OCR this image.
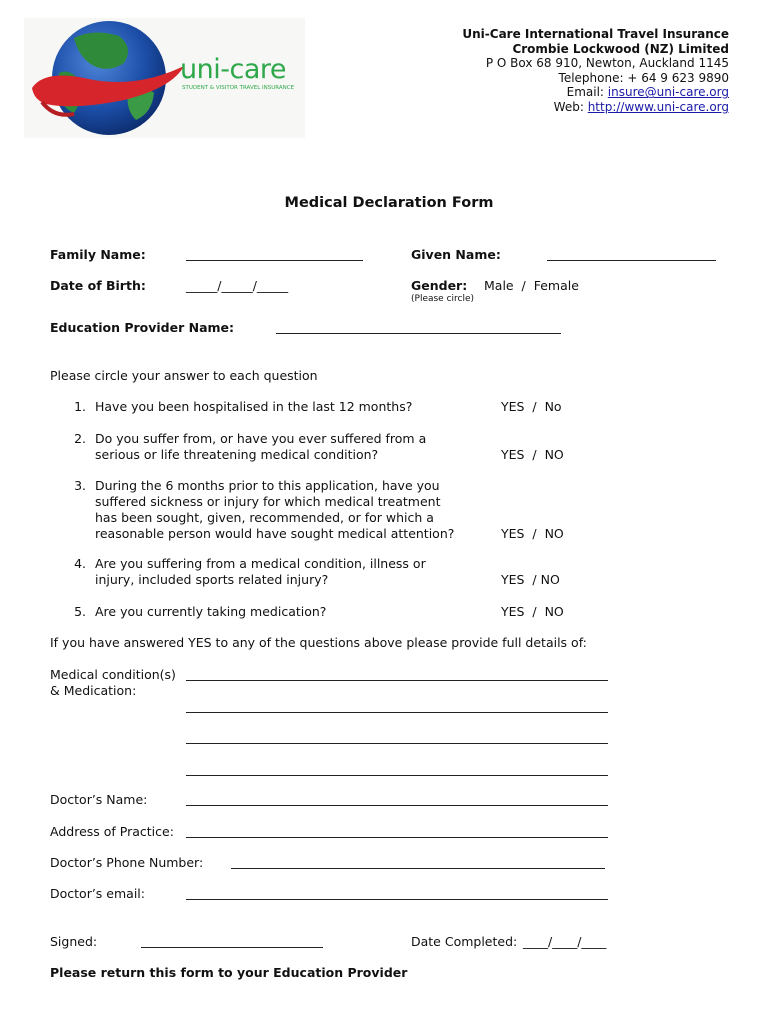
uni-care
STUDENT & VISITOR TRAVEL INSURANCE
Uni-Care International Travel Insurance
Crombie Lockwood (NZ) Limited
P O Box 68 910, Newton, Auckland 1145
Telephone: + 64 9 623 9890
Email: insure@uni-care.org
Web: http://www.uni-care.org
Medical Declaration Form
Family Name:	Given Name:
Date of Birth:	_____/_____/_____	Gender: Male  /  Female
(Please circle)
Education Provider Name:
Please circle your answer to each question
1. Have you been hospitalised in the last 12 months?	YES  /  No
2. Do you suffer from, or have you ever suffered from a
serious or life threatening medical condition?	YES  /  NO
3. During the 6 months prior to this application, have you
suffered sickness or injury for which medical treatment
has been sought, given, recommended, or for which a
reasonable person would have sought medical attention?	YES  /  NO
4. Are you suffering from a medical condition, illness or
injury, included sports related injury?	YES  / NO
5. Are you currently taking medication?	YES  /  NO
If you have answered YES to any of the questions above please provide full details of:
Medical condition(s)
& Medication:
Doctor’s Name:
Address of Practice:
Doctor’s Phone Number:
Doctor’s email:
Signed:	Date Completed: ____/____/____
Please return this form to your Education Provider
